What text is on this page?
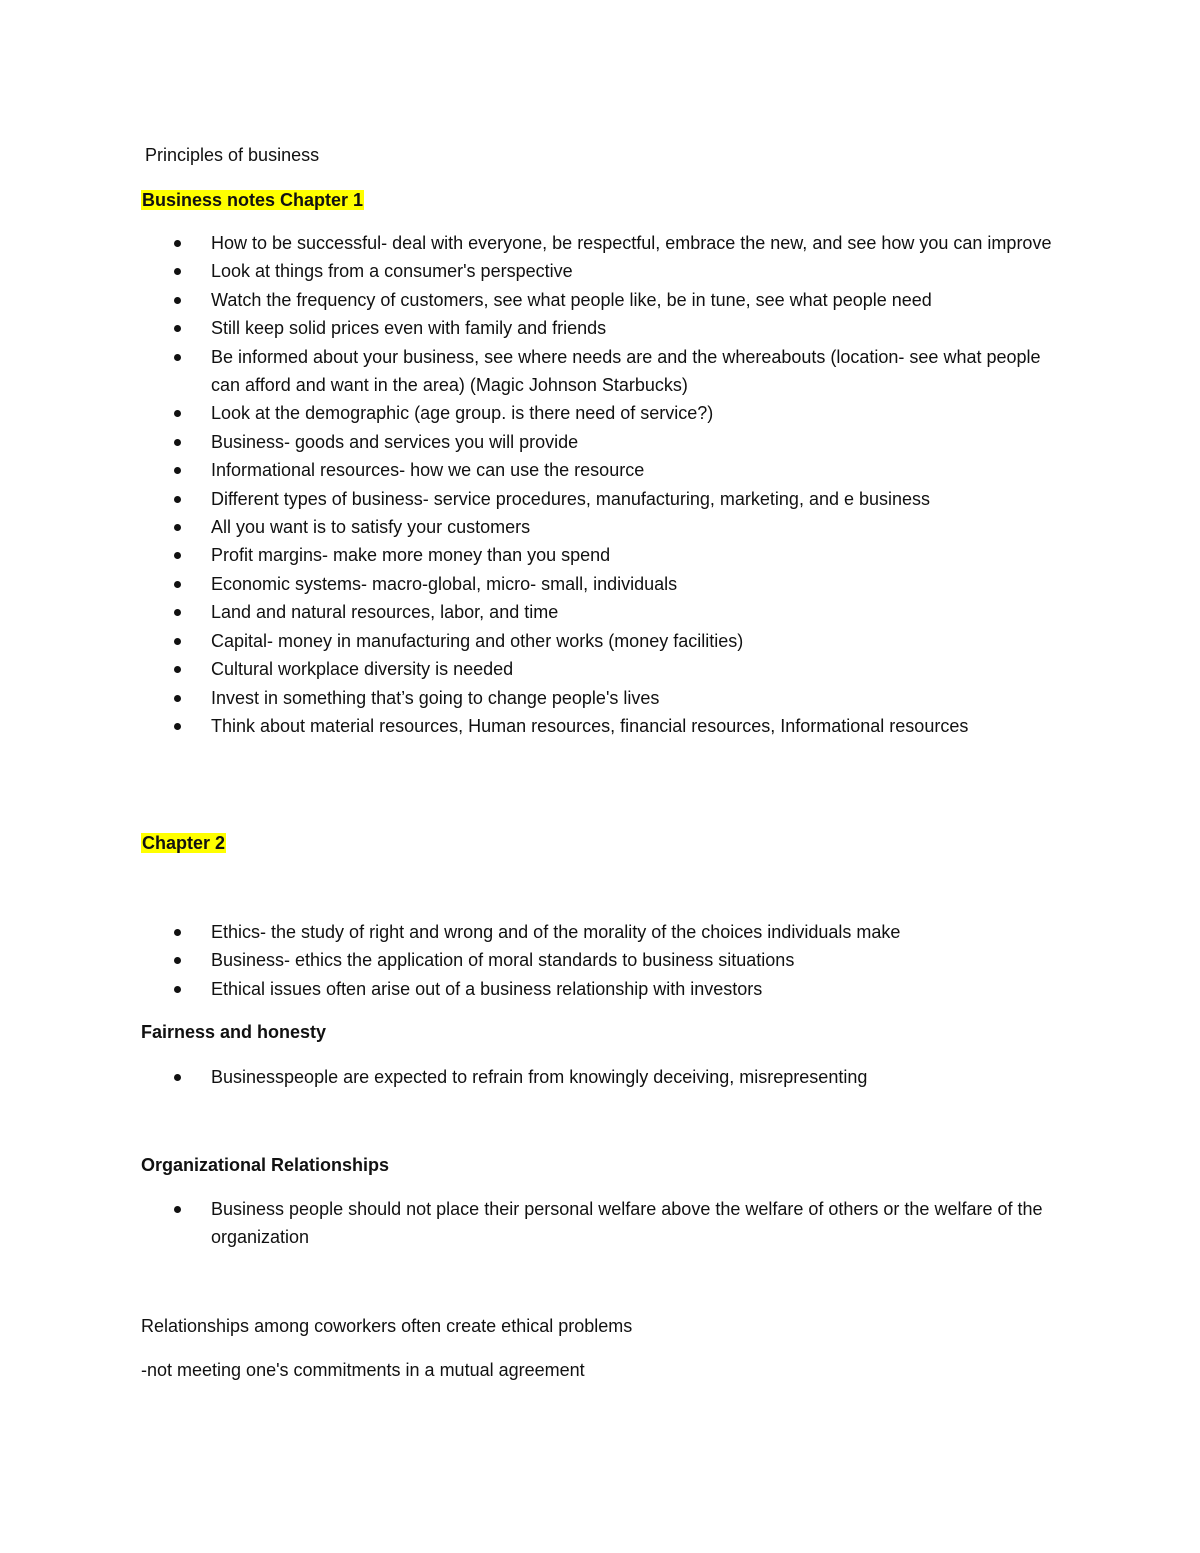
Principles of business
Business notes Chapter 1
How to be successful- deal with everyone, be respectful, embrace the new, and see how you can improve
Look at things from a consumer's perspective
Watch the frequency of customers, see what people like, be in tune, see what people need
Still keep solid prices even with family and friends
Be informed about your business, see where needs are and the whereabouts (location- see what people can afford and want in the area) (Magic Johnson Starbucks)
Look at the demographic (age group. is there need of service?)
Business- goods and services you will provide
Informational resources- how we can use the resource
Different types of business- service procedures, manufacturing, marketing, and e business
All you want is to satisfy your customers
Profit margins- make more money than you spend
Economic systems- macro-global, micro- small, individuals
Land and natural resources, labor, and time
Capital- money in manufacturing and other works (money facilities)
Cultural workplace diversity is needed
Invest in something that’s going to change people's lives
Think about material resources, Human resources, financial resources, Informational resources
Chapter 2
Ethics- the study of right and wrong and of the morality of the choices individuals make
Business- ethics the application of moral standards to business situations
Ethical issues often arise out of a business relationship with investors
Fairness and honesty
Businesspeople are expected to refrain from knowingly deceiving, misrepresenting
Organizational Relationships
Business people should not place their personal welfare above the welfare of others or the welfare of the organization
Relationships among coworkers often create ethical problems
-not meeting one's commitments in a mutual agreement
